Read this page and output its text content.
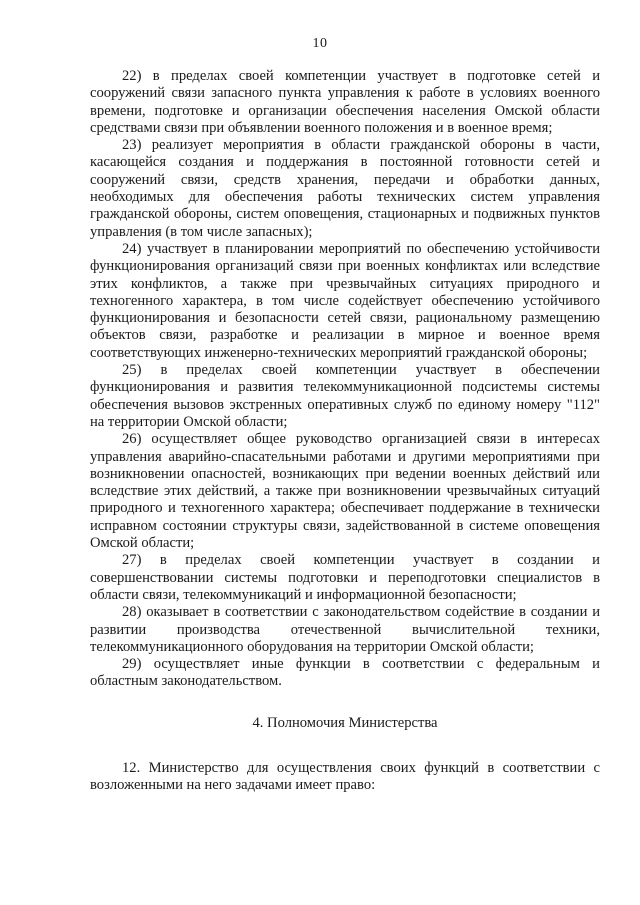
10

22) в пределах своей компетенции участвует в подготовке сетей и сооружений связи запасного пункта управления к работе в условиях военного времени, подготовке и организации обеспечения населения Омской области средствами связи при объявлении военного положения и в военное время;

23) реализует мероприятия в области гражданской обороны в части, касающейся создания и поддержания в постоянной готовности сетей и сооружений связи, средств хранения, передачи и обработки данных, необходимых для обеспечения работы технических систем управления гражданской обороны, систем оповещения, стационарных и подвижных пунктов управления (в том числе запасных);

24) участвует в планировании мероприятий по обеспечению устойчивости функционирования организаций связи при военных конфликтах или вследствие этих конфликтов, а также при чрезвычайных ситуациях природного и техногенного характера, в том числе содействует обеспечению устойчивого функционирования и безопасности сетей связи, рациональному размещению объектов связи, разработке и реализации в мирное и военное время соответствующих инженерно-технических мероприятий гражданской обороны;

25) в пределах своей компетенции участвует в обеспечении функционирования и развития телекоммуникационной подсистемы системы обеспечения вызовов экстренных оперативных служб по единому номеру "112" на территории Омской области;

26) осуществляет общее руководство организацией связи в интересах управления аварийно-спасательными работами и другими мероприятиями при возникновении опасностей, возникающих при ведении военных действий или вследствие этих действий, а также при возникновении чрезвычайных ситуаций природного и техногенного характера; обеспечивает поддержание в технически исправном состоянии структуры связи, задействованной в системе оповещения Омской области;

27) в пределах своей компетенции участвует в создании и совершенствовании системы подготовки и переподготовки специалистов в области связи, телекоммуникаций и информационной безопасности;

28) оказывает в соответствии с законодательством содействие в создании и развитии производства отечественной вычислительной техники, телекоммуникационного оборудования на территории Омской области;

29) осуществляет иные функции в соответствии с федеральным и областным законодательством.

4. Полномочия Министерства

12. Министерство для осуществления своих функций в соответствии с возложенными на него задачами имеет право:
